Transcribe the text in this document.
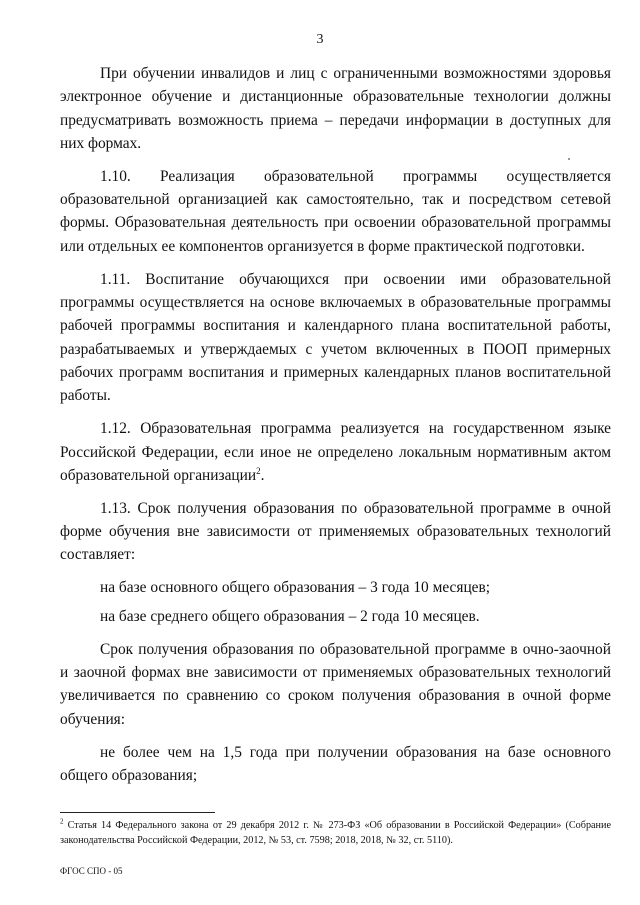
3

При обучении инвалидов и лиц с ограниченными возможностями здоровья электронное обучение и дистанционные образовательные технологии должны предусматривать возможность приема – передачи информации в доступных для них формах.

1.10. Реализация образовательной программы осуществляется образовательной организацией как самостоятельно, так и посредством сетевой формы. Образовательная деятельность при освоении образовательной программы или отдельных ее компонентов организуется в форме практической подготовки.

1.11. Воспитание обучающихся при освоении ими образовательной программы осуществляется на основе включаемых в образовательные программы рабочей программы воспитания и календарного плана воспитательной работы, разрабатываемых и утверждаемых с учетом включенных в ПООП примерных рабочих программ воспитания и примерных календарных планов воспитательной работы.

1.12. Образовательная программа реализуется на государственном языке Российской Федерации, если иное не определено локальным нормативным актом образовательной организации$^2$.

1.13. Срок получения образования по образовательной программе в очной форме обучения вне зависимости от применяемых образовательных технологий составляет:

на базе основного общего образования – 3 года 10 месяцев;

на базе среднего общего образования – 2 года 10 месяцев.

Срок получения образования по образовательной программе в очно-заочной и заочной формах вне зависимости от применяемых образовательных технологий увеличивается по сравнению со сроком получения образования в очной форме обучения:

не более чем на 1,5 года при получении образования на базе основного общего образования;

$^2$ Статья 14 Федерального закона от 29 декабря 2012 г. № 273-ФЗ «Об образовании в Российской Федерации» (Собрание законодательства Российской Федерации, 2012, № 53, ст. 7598; 2018, 2018, № 32, ст. 5110).
ФГОС СПО - 05
